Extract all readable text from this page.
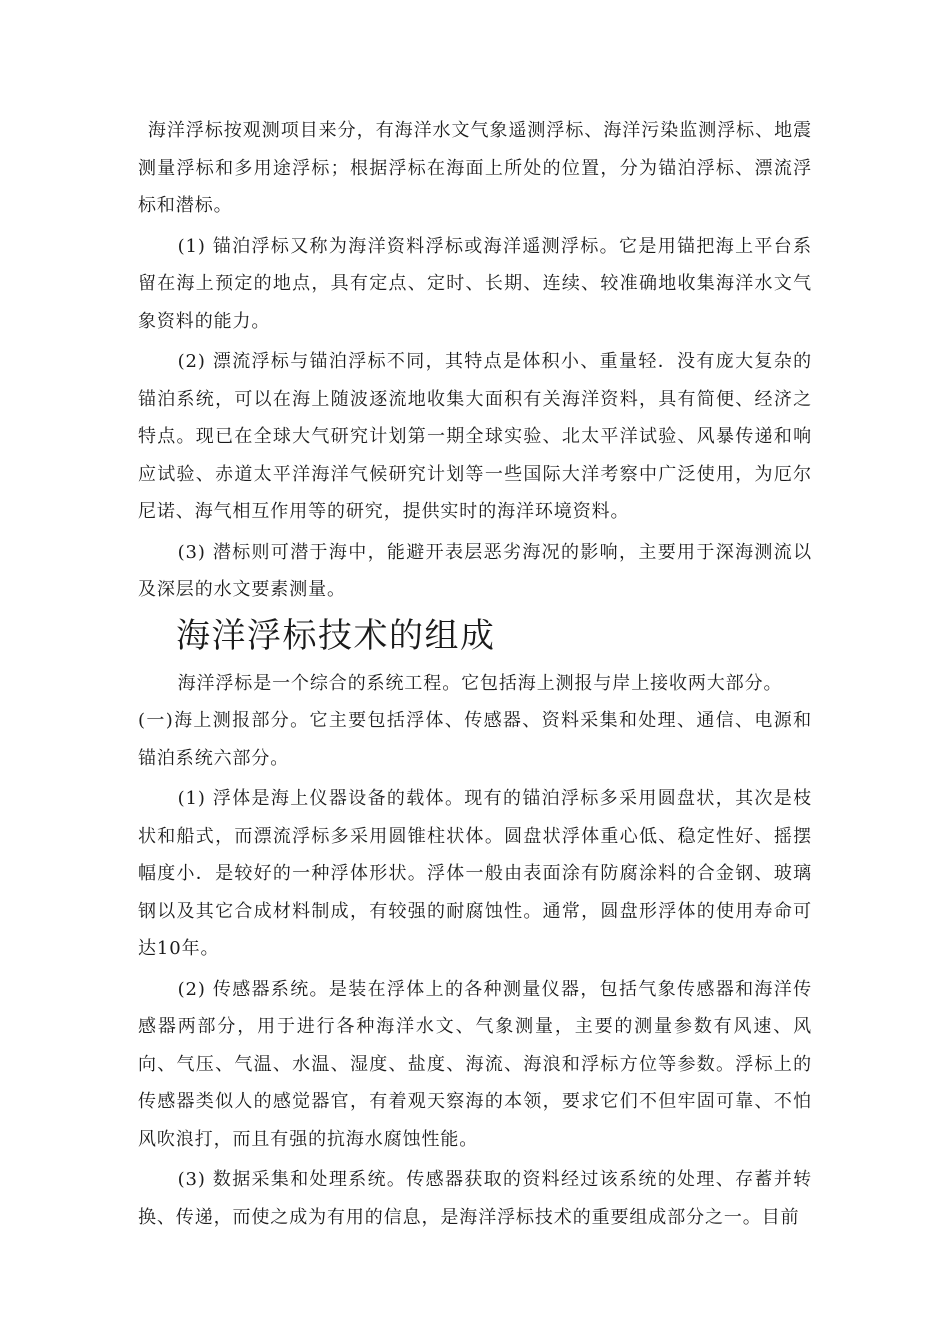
海洋浮标按观测项目来分，有海洋水文气象遥测浮标、海洋污染监测浮标、地震测量浮标和多用途浮标；根据浮标在海面上所处的位置，分为锚泊浮标、漂流浮标和潜标。

(1) 锚泊浮标又称为海洋资料浮标或海洋遥测浮标。它是用锚把海上平台系留在海上预定的地点，具有定点、定时、长期、连续、较准确地收集海洋水文气象资料的能力。

(2) 漂流浮标与锚泊浮标不同，其特点是体积小、重量轻．没有庞大复杂的锚泊系统，可以在海上随波逐流地收集大面积有关海洋资料，具有简便、经济之特点。现已在全球大气研究计划第一期全球实验、北太平洋试验、风暴传递和响应试验、赤道太平洋海洋气候研究计划等一些国际大洋考察中广泛使用，为厄尔尼诺、海气相互作用等的研究，提供实时的海洋环境资料。

(3) 潜标则可潜于海中，能避开表层恶劣海况的影响，主要用于深海测流以及深层的水文要素测量。

海洋浮标技术的组成

海洋浮标是一个综合的系统工程。它包括海上测报与岸上接收两大部分。

(一)海上测报部分。它主要包括浮体、传感器、资料采集和处理、通信、电源和锚泊系统六部分。

(1) 浮体是海上仪器设备的载体。现有的锚泊浮标多采用圆盘状，其次是枝状和船式，而漂流浮标多采用圆锥柱状体。圆盘状浮体重心低、稳定性好、摇摆幅度小．是较好的一种浮体形状。浮体一般由表面涂有防腐涂料的合金钢、玻璃钢以及其它合成材料制成，有较强的耐腐蚀性。通常，圆盘形浮体的使用寿命可达10年。

(2) 传感器系统。是装在浮体上的各种测量仪器，包括气象传感器和海洋传感器两部分，用于进行各种海洋水文、气象测量，主要的测量参数有风速、风向、气压、气温、水温、湿度、盐度、海流、海浪和浮标方位等参数。浮标上的传感器类似人的感觉器官，有着观天察海的本领，要求它们不但牢固可靠、不怕风吹浪打，而且有强的抗海水腐蚀性能。

(3) 数据采集和处理系统。传感器获取的资料经过该系统的处理、存蓄并转换、传递，而使之成为有用的信息，是海洋浮标技术的重要组成部分之一。目前
